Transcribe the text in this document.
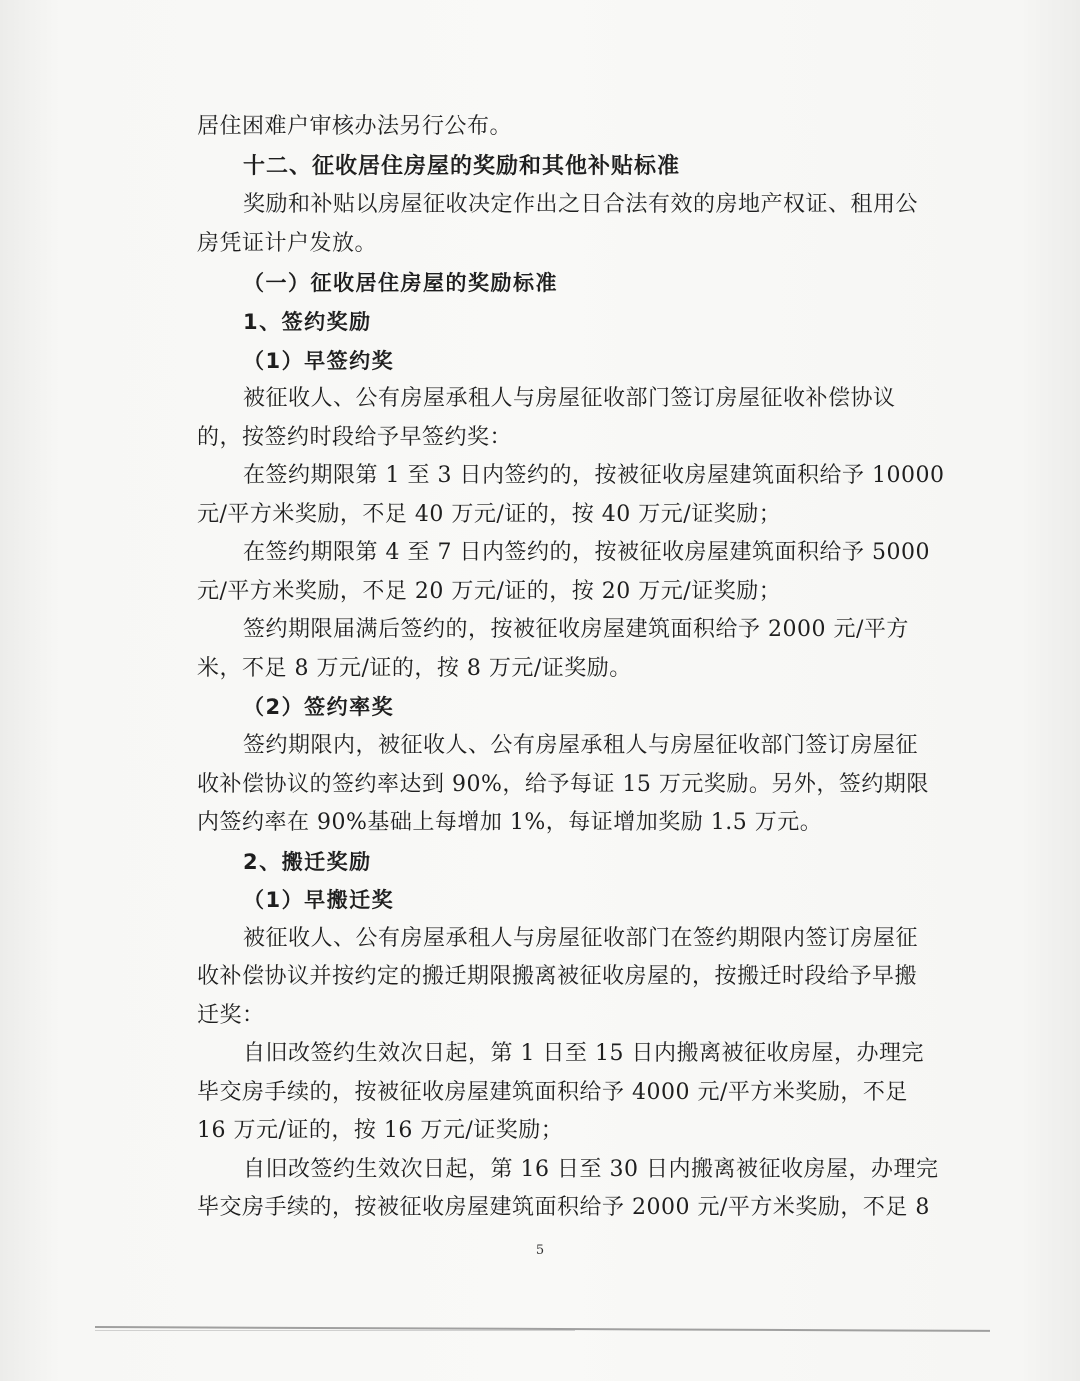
居住困难户审核办法另行公布。
十二、征收居住房屋的奖励和其他补贴标准
奖励和补贴以房屋征收决定作出之日合法有效的房地产权证、租用公
房凭证计户发放。
（一）征收居住房屋的奖励标准
1、签约奖励
（1）早签约奖
被征收人、公有房屋承租人与房屋征收部门签订房屋征收补偿协议
的，按签约时段给予早签约奖：
在签约期限第 1 至 3 日内签约的，按被征收房屋建筑面积给予 10000
元/平方米奖励，不足 40 万元/证的，按 40 万元/证奖励；
在签约期限第 4 至 7 日内签约的，按被征收房屋建筑面积给予 5000
元/平方米奖励，不足 20 万元/证的，按 20 万元/证奖励；
签约期限届满后签约的，按被征收房屋建筑面积给予 2000 元/平方
米，不足 8 万元/证的，按 8 万元/证奖励。
（2）签约率奖
签约期限内，被征收人、公有房屋承租人与房屋征收部门签订房屋征
收补偿协议的签约率达到 90%，给予每证 15 万元奖励。另外，签约期限
内签约率在 90%基础上每增加 1%，每证增加奖励 1.5 万元。
2、搬迁奖励
（1）早搬迁奖
被征收人、公有房屋承租人与房屋征收部门在签约期限内签订房屋征
收补偿协议并按约定的搬迁期限搬离被征收房屋的，按搬迁时段给予早搬
迁奖：
自旧改签约生效次日起，第 1 日至 15 日内搬离被征收房屋，办理完
毕交房手续的，按被征收房屋建筑面积给予 4000 元/平方米奖励，不足
16 万元/证的，按 16 万元/证奖励；
自旧改签约生效次日起，第 16 日至 30 日内搬离被征收房屋，办理完
毕交房手续的，按被征收房屋建筑面积给予 2000 元/平方米奖励，不足 8
5
